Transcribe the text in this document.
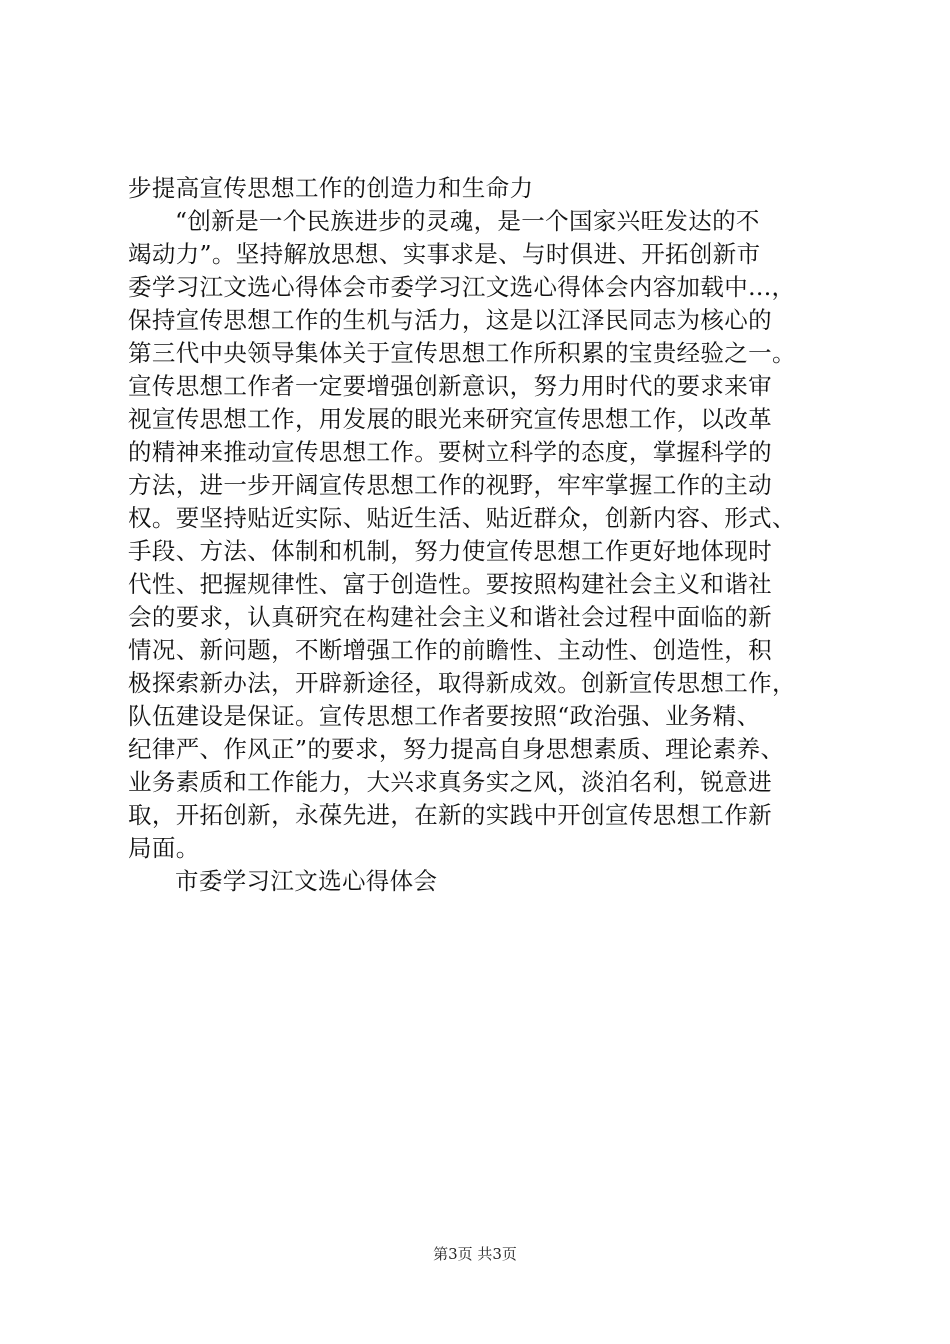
步提高宣传思想工作的创造力和生命力
“创新是一个民族进步的灵魂，是一个国家兴旺发达的不
竭动力”。坚持解放思想、实事求是、与时俱进、开拓创新市
委学习江文选心得体会市委学习江文选心得体会内容加载中...，
保持宣传思想工作的生机与活力，这是以江泽民同志为核心的
第三代中央领导集体关于宣传思想工作所积累的宝贵经验之一。
宣传思想工作者一定要增强创新意识，努力用时代的要求来审
视宣传思想工作，用发展的眼光来研究宣传思想工作，以改革
的精神来推动宣传思想工作。要树立科学的态度，掌握科学的
方法，进一步开阔宣传思想工作的视野，牢牢掌握工作的主动
权。要坚持贴近实际、贴近生活、贴近群众，创新内容、形式、
手段、方法、体制和机制，努力使宣传思想工作更好地体现时
代性、把握规律性、富于创造性。要按照构建社会主义和谐社
会的要求，认真研究在构建社会主义和谐社会过程中面临的新
情况、新问题，不断增强工作的前瞻性、主动性、创造性，积
极探索新办法，开辟新途径，取得新成效。创新宣传思想工作，
队伍建设是保证。宣传思想工作者要按照“政治强、业务精、
纪律严、作风正”的要求，努力提高自身思想素质、理论素养、
业务素质和工作能力，大兴求真务实之风，淡泊名利，锐意进
取，开拓创新，永葆先进，在新的实践中开创宣传思想工作新
局面。
市委学习江文选心得体会
第3页 共3页
